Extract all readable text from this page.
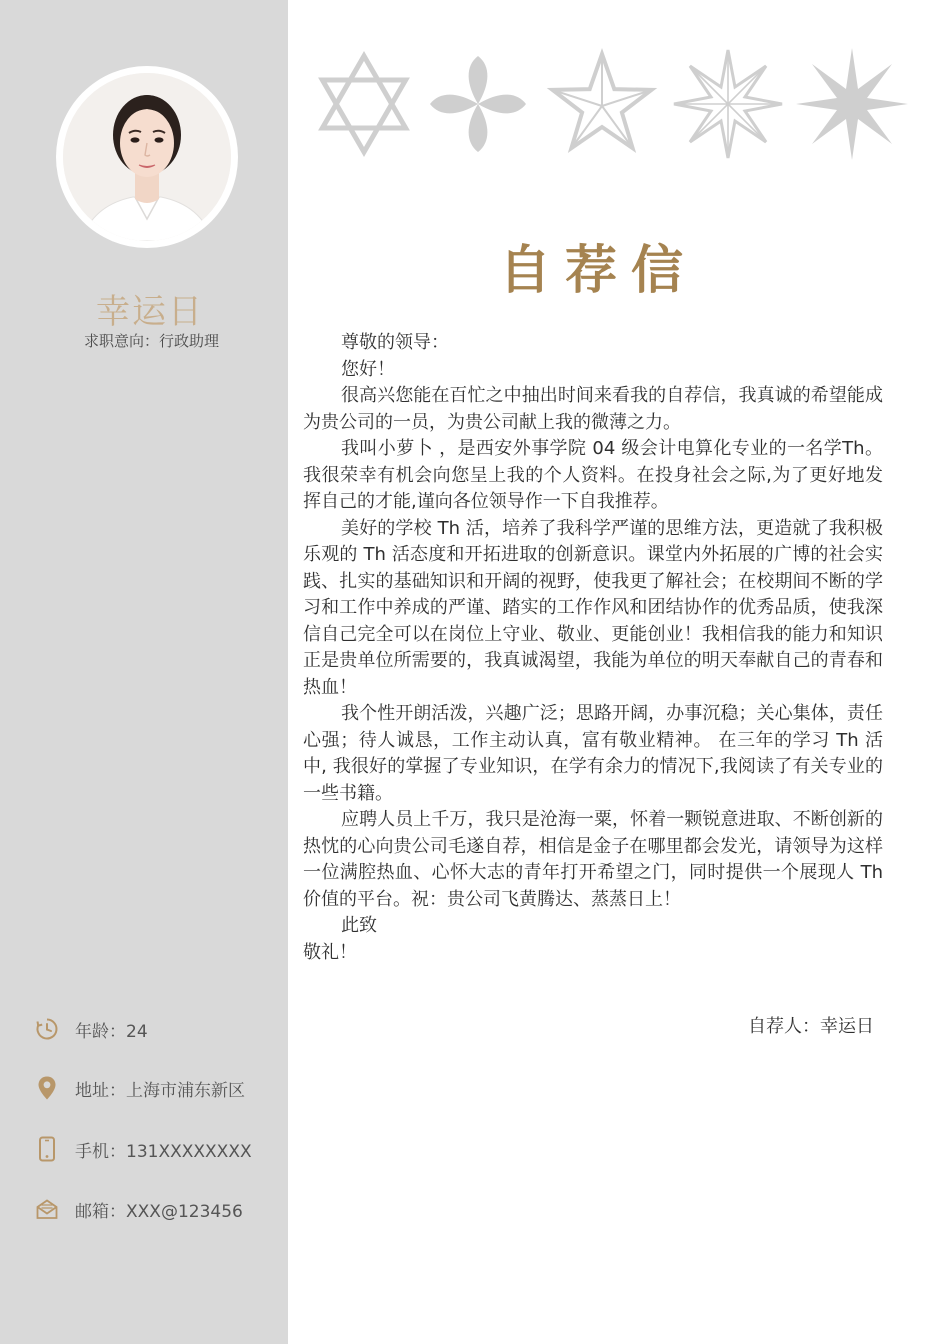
幸运日
求职意向：行政助理
年龄：24
地址：上海市浦东新区
手机：131XXXXXXXX
邮箱：XXX@123456
自荐信

尊敬的领导：

您好！

很高兴您能在百忙之中抽出时间来看我的自荐信，我真诚的希望能成为贵公司的一员，为贵公司献上我的微薄之力。

我叫小萝卜 ，是西安外事学院 04 级会计电算化专业的一名学Th。我很荣幸有机会向您呈上我的个人资料。在投身社会之际,为了更好地发挥自己的才能,谨向各位领导作一下自我推荐。

美好的学校 Th 活，培养了我科学严谨的思维方法，更造就了我积极乐观的 Th 活态度和开拓进取的创新意识。课堂内外拓展的广博的社会实践、扎实的基础知识和开阔的视野，使我更了解社会；在校期间不断的学习和工作中养成的严谨、踏实的工作作风和团结协作的优秀品质，使我深信自己完全可以在岗位上守业、敬业、更能创业！我相信我的能力和知识正是贵单位所需要的，我真诚渴望，我能为单位的明天奉献自己的青春和热血！

我个性开朗活泼，兴趣广泛；思路开阔，办事沉稳；关心集体，责任心强；待人诚恳，工作主动认真，富有敬业精神。 在三年的学习 Th 活中, 我很好的掌握了专业知识，在学有余力的情况下,我阅读了有关专业的一些书籍。

应聘人员上千万，我只是沧海一粟，怀着一颗锐意进取、不断创新的热忱的心向贵公司毛遂自荐，相信是金子在哪里都会发光，请领导为这样一位满腔热血、心怀大志的青年打开希望之门，同时提供一个展现人 Th 价值的平台。祝：贵公司飞黄腾达、蒸蒸日上！

此致

敬礼！

自荐人：幸运日
